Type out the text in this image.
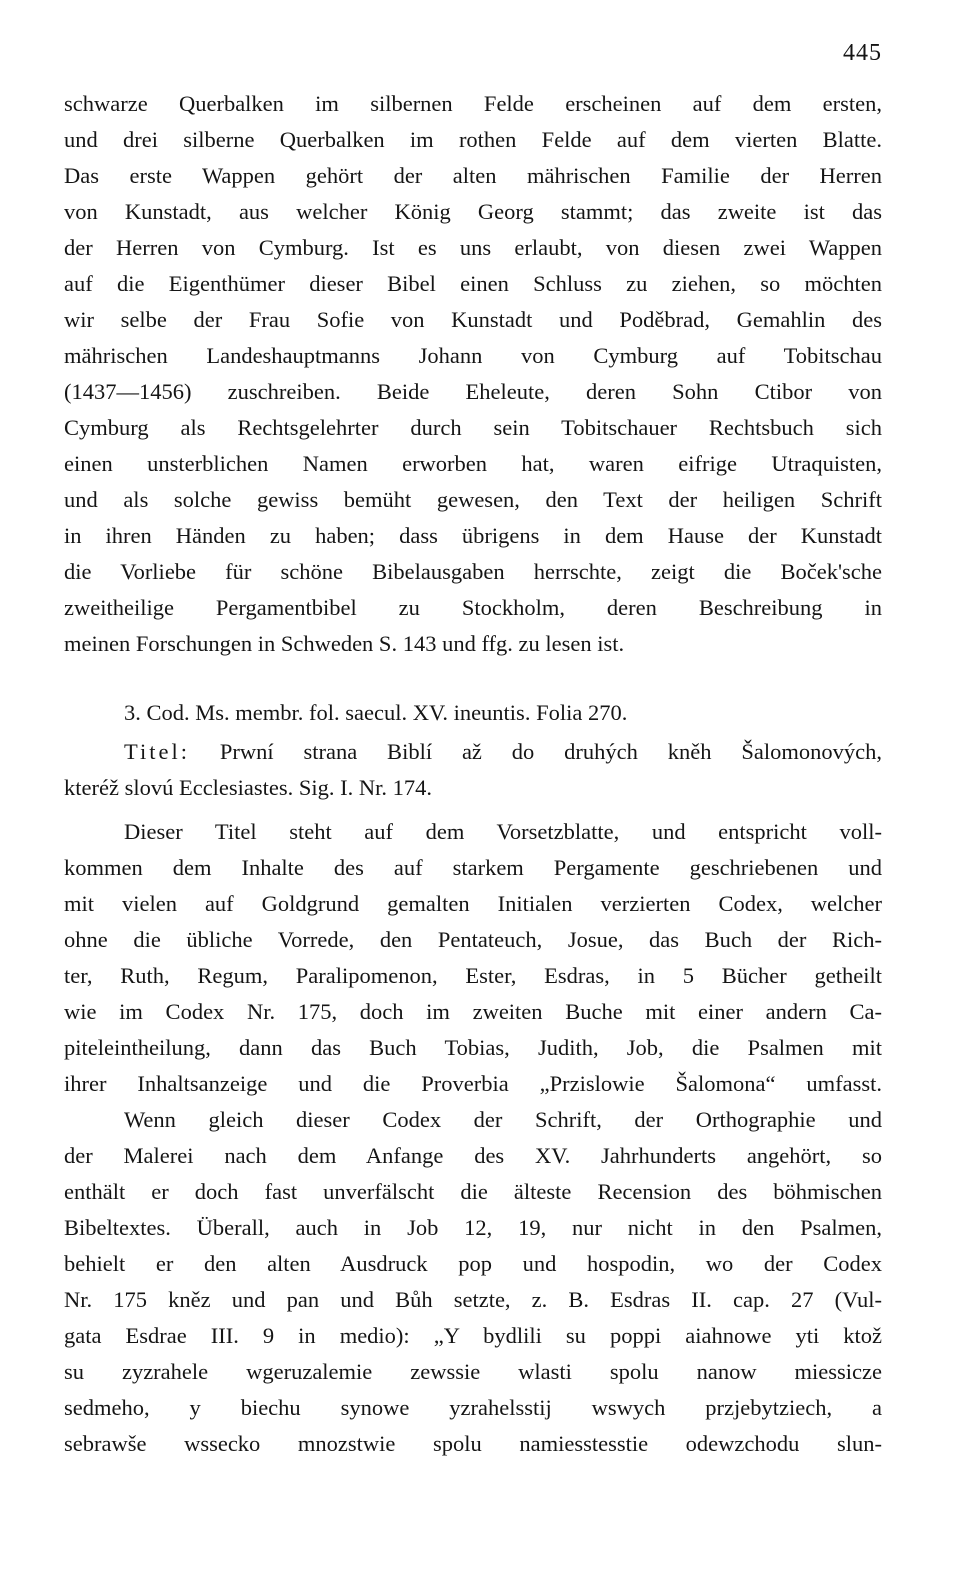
445
schwarze Querbalken im silbernen Felde erscheinen auf dem ersten,
und drei silberne Querbalken im rothen Felde auf dem vierten Blatte.
Das erste Wappen gehört der alten mährischen Familie der Herren
von Kunstadt, aus welcher König Georg stammt; das zweite ist das
der Herren von Cymburg. Ist es uns erlaubt, von diesen zwei Wappen
auf die Eigenthümer dieser Bibel einen Schluss zu ziehen, so möchten
wir selbe der Frau Sofie von Kunstadt und Poděbrad, Gemahlin des
mährischen Landeshauptmanns Johann von Cymburg auf Tobitschau
(1437—1456) zuschreiben. Beide Eheleute, deren Sohn Ctibor von
Cymburg als Rechtsgelehrter durch sein Tobitschauer Rechtsbuch sich
einen unsterblichen Namen erworben hat, waren eifrige Utraquisten,
und als solche gewiss bemüht gewesen, den Text der heiligen Schrift
in ihren Händen zu haben; dass übrigens in dem Hause der Kunstadt
die Vorliebe für schöne Bibelausgaben herrschte, zeigt die Boček'sche
zweitheilige Pergamentbibel zu Stockholm, deren Beschreibung in
meinen Forschungen in Schweden S. 143 und ffg. zu lesen ist.
3. Cod. Ms. membr. fol. saecul. XV. ineuntis. Folia 270.
Titel: Prwní strana Biblí až do druhých kněh Šalomonových,
kteréž slovú Ecclesiastes. Sig. I. Nr. 174.
Dieser Titel steht auf dem Vorsetzblatte, und entspricht voll-
kommen dem Inhalte des auf starkem Pergamente geschriebenen und
mit vielen auf Goldgrund gemalten Initialen verzierten Codex, welcher
ohne die übliche Vorrede, den Pentateuch, Josue, das Buch der Rich-
ter, Ruth, Regum, Paralipomenon, Ester, Esdras, in 5 Bücher getheilt
wie im Codex Nr. 175, doch im zweiten Buche mit einer andern Ca-
piteleintheilung, dann das Buch Tobias, Judith, Job, die Psalmen mit
ihrer Inhaltsanzeige und die Proverbia „Przislowie Šalomona“ umfasst.
Wenn gleich dieser Codex der Schrift, der Orthographie und
der Malerei nach dem Anfange des XV. Jahrhunderts angehört, so
enthält er doch fast unverfälscht die älteste Recension des böhmischen
Bibeltextes. Überall, auch in Job 12, 19, nur nicht in den Psalmen,
behielt er den alten Ausdruck pop und hospodin, wo der Codex
Nr. 175 kněz und pan und Bůh setzte, z. B. Esdras II. cap. 27 (Vul-
gata Esdrae III. 9 in medio): „Y bydlili su poppi aiahnowe yti ktož
su zyzrahele wgeruzalemie zewssie wlasti spolu nanow miessicze
sedmeho, y biechu synowe yzrahelsstij wswych przjebytziech, a
sebrawše wssecko mnozstwie spolu namiesstesstie odewzchodu slun-
